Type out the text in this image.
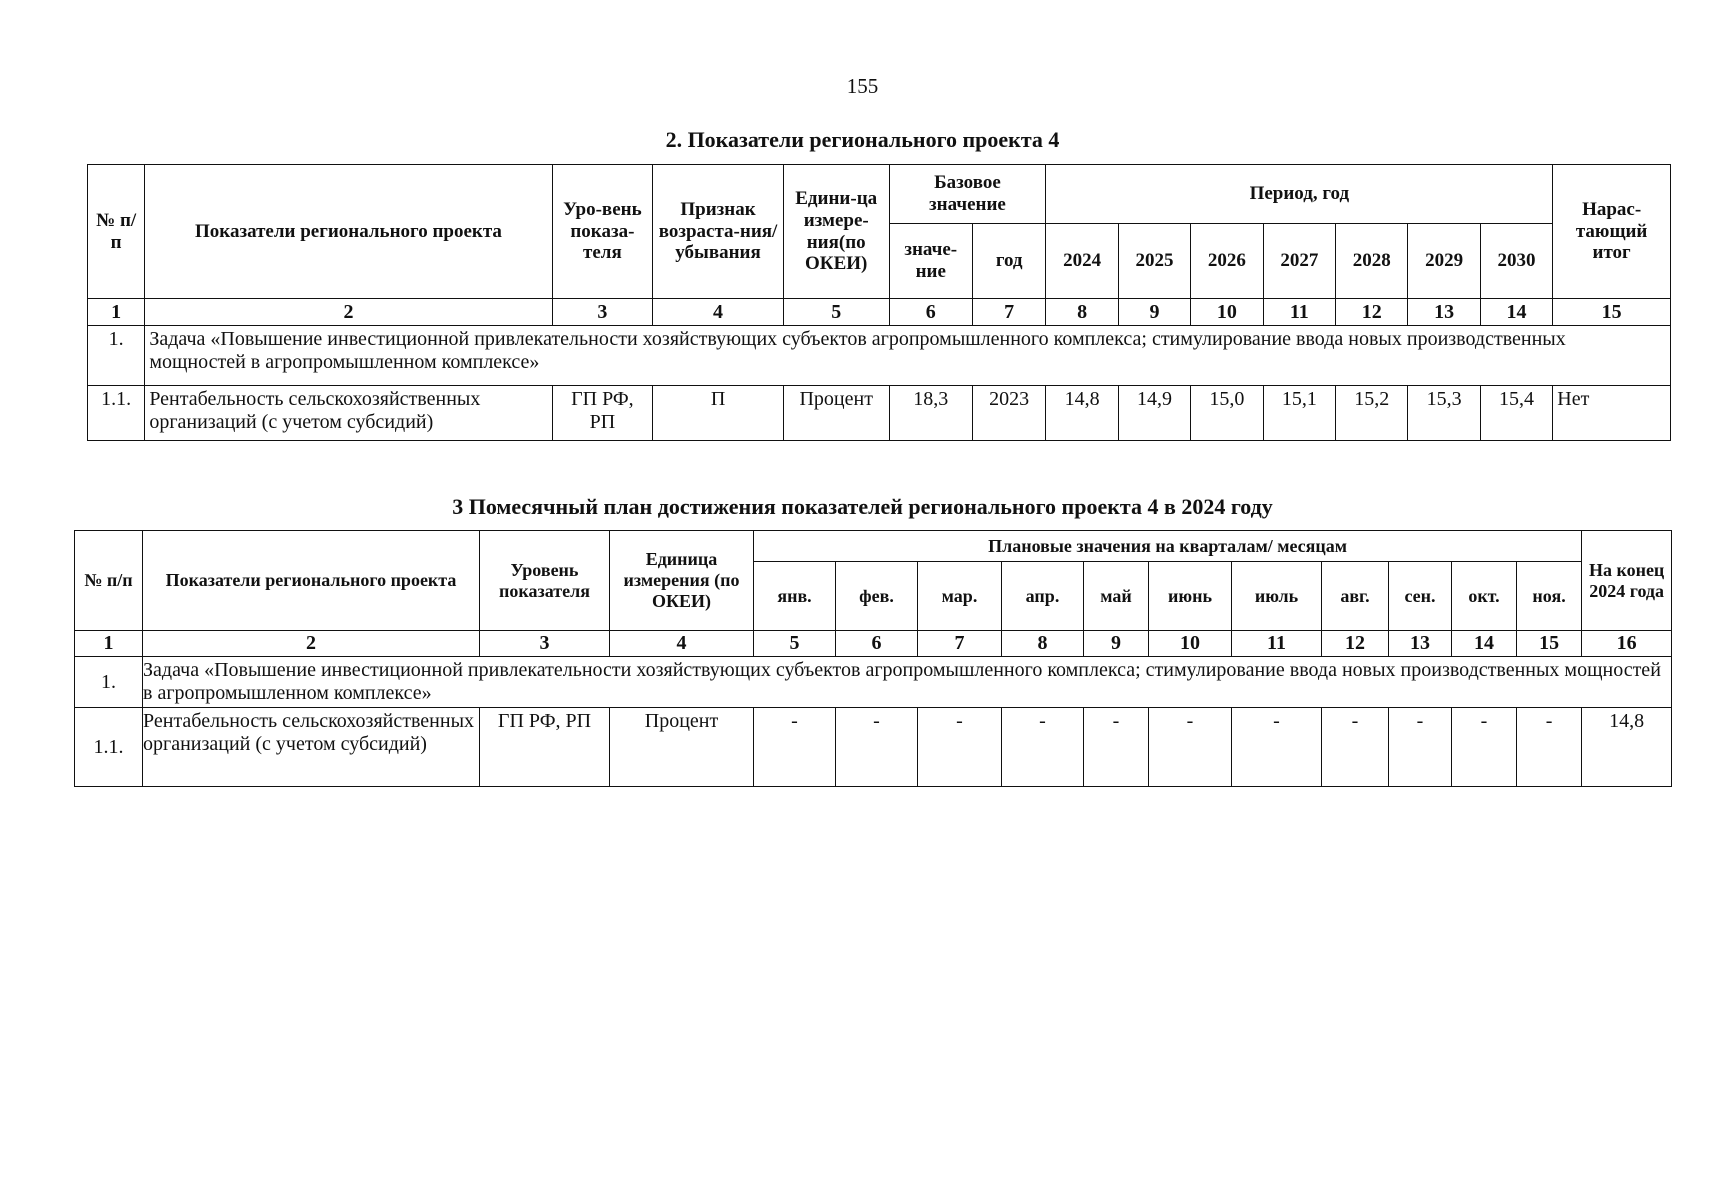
155
2. Показатели регионального проекта 4
№ п/п	Показатели регионального проекта	Уро-вень показа-теля	Признак возраста-ния/ убывания	Едини-ца измере-ния(по ОКЕИ)	Базовое значение		Период, год							Нарас-тающий итог
					значе-ние	год	2024	2025	2026	2027	2028	2029	2030	
1	2	3	4	5	6	7	8	9	10	11	12	13	14	15
1.	Задача «Повышение инвестиционной привлекательности хозяйствующих субъектов агропромышленного комплекса; стимулирование ввода новых производственных мощностей в агропромышленном комплексе»													
1.1.	Рентабельность сельскохозяйственных организаций (с учетом субсидий)	ГП РФ, РП	П	Процент	18,3	2023	14,8	14,9	15,0	15,1	15,2	15,3	15,4	Нет
3 Помесячный план достижения показателей регионального проекта 4 в 2024 году
№ п/п	Показатели регионального проекта	Уровень показателя	Единица измерения (по ОКЕИ)	Плановые значения на кварталам/ месяцам											На конец 2024 года
				янв.	фев.	мар.	апр.	май	июнь	июль	авг.	сен.	окт.	ноя.	
1	2	3	4	5	6	7	8	9	10	11	12	13	14	15	16
1.	Задача «Повышение инвестиционной привлекательности хозяйствующих субъектов агропромышленного комплекса; стимулирование ввода новых производственных мощностей в агропромышленном комплексе»														
1.1.	Рентабельность сельскохозяйственных организаций (с учетом субсидий)	ГП РФ, РП	Процент	-	-	-	-	-	-	-	-	-	-	-	14,8
